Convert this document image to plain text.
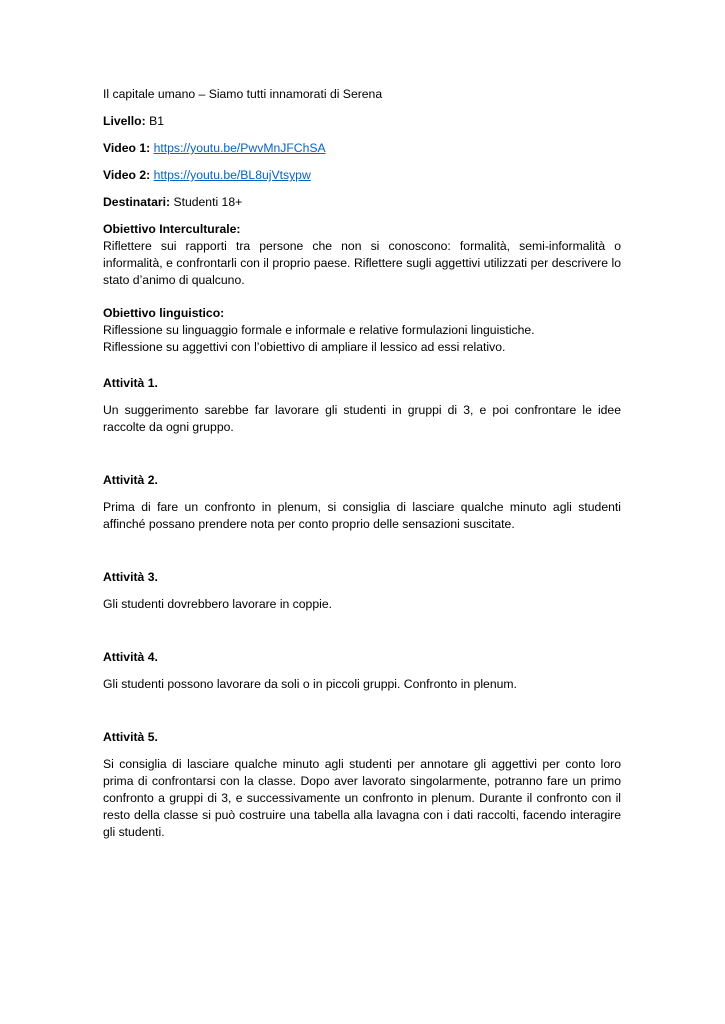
Il capitale umano – Siamo tutti innamorati di Serena

Livello: B1

Video 1: https://youtu.be/PwvMnJFChSA

Video 2: https://youtu.be/BL8ujVtsypw

Destinatari: Studenti 18+

Obiettivo Interculturale:

Riflettere sui rapporti tra persone che non si conoscono: formalità, semi-informalità o informalità, e confrontarli con il proprio paese. Riflettere sugli aggettivi utilizzati per descrivere lo stato d’animo di qualcuno.

Obiettivo linguistico:

Riflessione su linguaggio formale e informale e relative formulazioni linguistiche.

Riflessione su aggettivi con l’obiettivo di ampliare il lessico ad essi relativo.

Attività 1.

Un suggerimento sarebbe far lavorare gli studenti in gruppi di 3, e poi confrontare le idee raccolte da ogni gruppo.

Attività 2.

Prima di fare un confronto in plenum, si consiglia di lasciare qualche minuto agli studenti affinché possano prendere nota per conto proprio delle sensazioni suscitate.

Attività 3.

Gli studenti dovrebbero lavorare in coppie.

Attività 4.

Gli studenti possono lavorare da soli o in piccoli gruppi. Confronto in plenum.

Attività 5.

Si consiglia di lasciare qualche minuto agli studenti per annotare gli aggettivi per conto loro prima di confrontarsi con la classe. Dopo aver lavorato singolarmente, potranno fare un primo confronto a gruppi di 3, e successivamente un confronto in plenum. Durante il confronto con il resto della classe si può costruire una tabella alla lavagna con i dati raccolti, facendo interagire gli studenti.
